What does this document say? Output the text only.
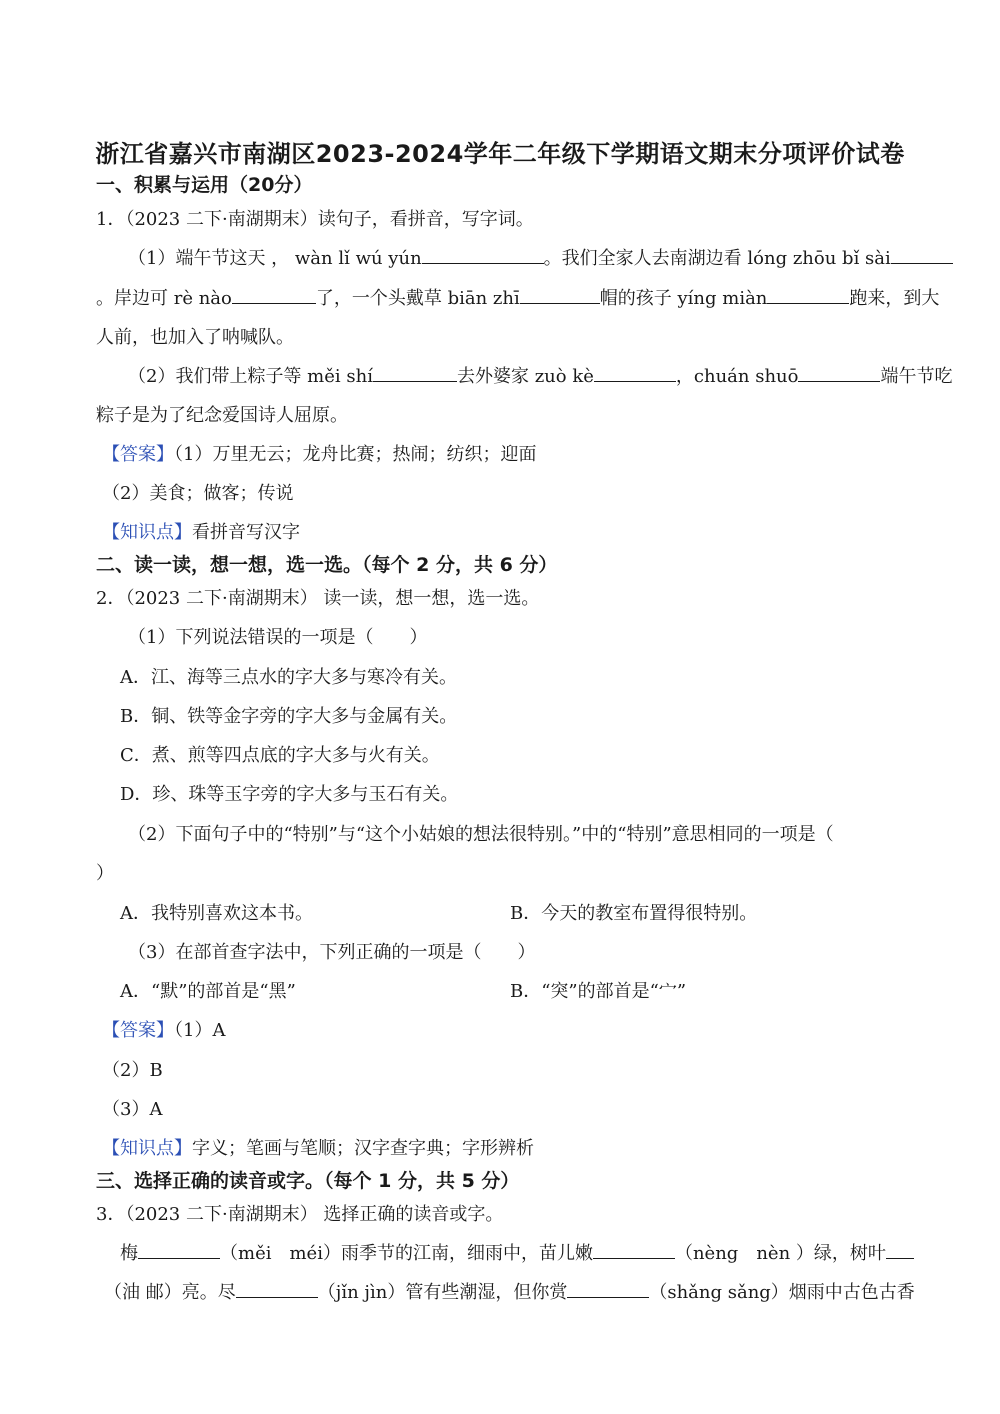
浙江省嘉兴市南湖区2023-2024学年二年级下学期语文期末分项评价试卷
一、积累与运用（20分）
1．（2023 二下·南湖期末）读句子，看拼音，写字词。
（1）端午节这天 ， wàn lǐ wú yún	。我们全家人去南湖边看 lóng zhōu bǐ sài
。岸边可 rè nào	了，一个头戴草 biān zhī	帽的孩子 yíng miàn	跑来，到大
人前，也加入了呐喊队。
（2）我们带上粽子等 měi shí	去外婆家 zuò kè	，chuán shuō	端午节吃
粽子是为了纪念爱国诗人屈原。
【答案】（1）万里无云；龙舟比赛；热闹；纺织；迎面
（2）美食；做客；传说
【知识点】看拼音写汉字
二、读一读，想一想，选一选。（每个 2 分，共 6 分）
2．（2023 二下·南湖期末） 读一读，想一想，选一选。
（1）下列说法错误的一项是（　　）
A．江、海等三点水的字大多与寒冷有关。
B．铜、铁等金字旁的字大多与金属有关。
C．煮、煎等四点底的字大多与火有关。
D．珍、珠等玉字旁的字大多与玉石有关。
（2）下面句子中的“特别”与“这个小姑娘的想法很特别。”中的“特别”意思相同的一项是（
）
A．我特别喜欢这本书。	B．今天的教室布置得很特别。
（3）在部首查字法中，下列正确的一项是（　　）
A．“默”的部首是“黑”	B．“突”的部首是“宀”
【答案】（1）A
（2）B
（3）A
【知识点】字义；笔画与笔顺；汉字查字典；字形辨析
三、选择正确的读音或字。（每个 1 分，共 5 分）
3．（2023 二下·南湖期末） 选择正确的读音或字。
梅	（měi　méi）雨季节的江南，细雨中，苗儿嫩	（nèng　nèn ）绿，树叶
（油 邮）亮。尽	（jǐn jìn）管有些潮湿，但你赏	（shǎng sǎng）烟雨中古色古香
